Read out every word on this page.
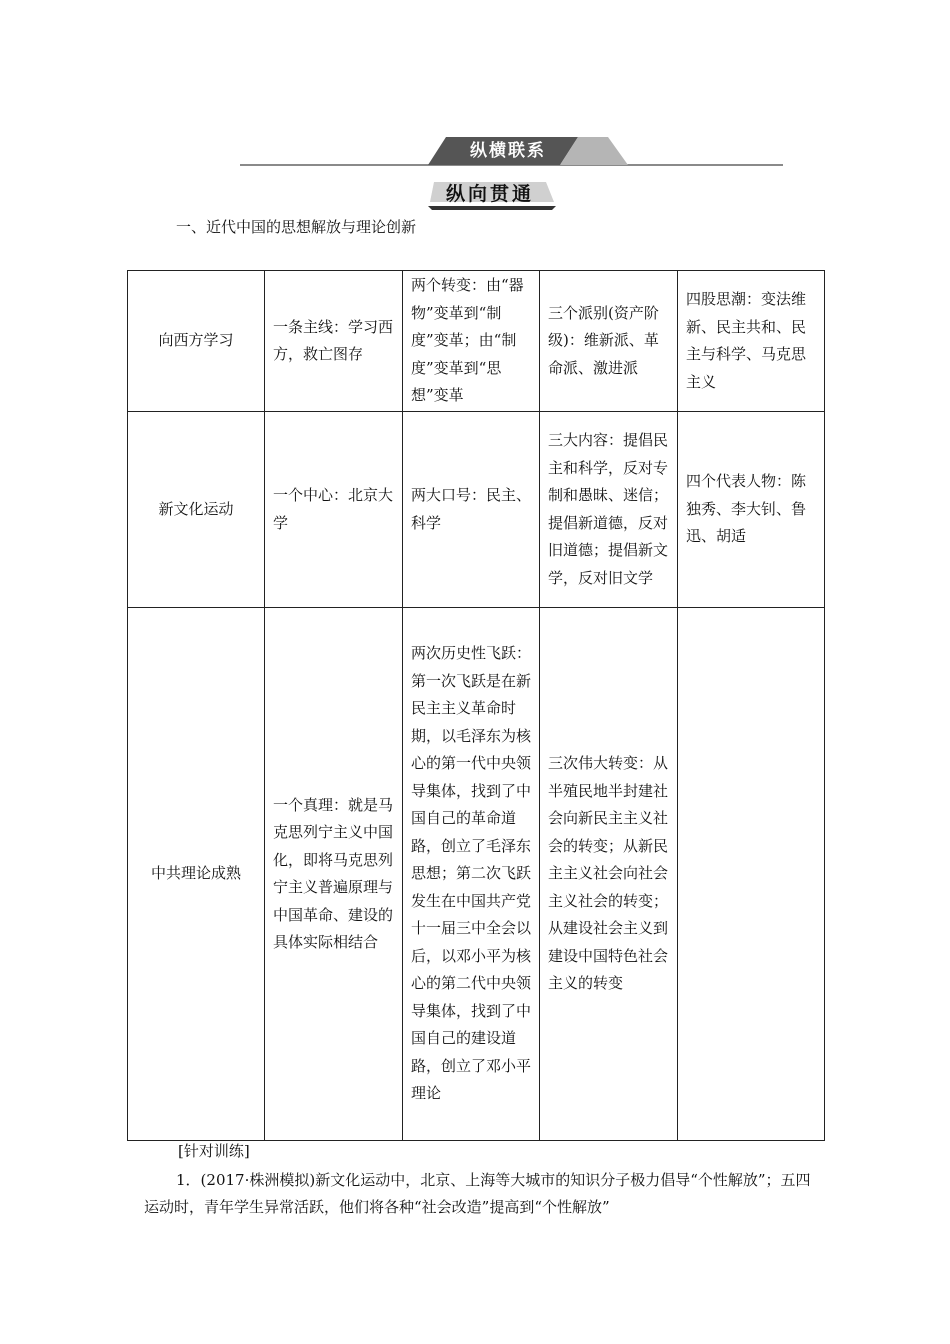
纵横联系
纵向贯通
一、近代中国的思想解放与理论创新
向西方学习	一条主线：学习西方，救亡图存	两个转变：由“器物”变革到“制度”变革；由“制度”变革到“思想”变革	三个派别(资产阶级)：维新派、革命派、激进派	四股思潮：变法维新、民主共和、民主与科学、马克思主义
新文化运动	一个中心：北京大学	两大口号：民主、科学	三大内容：提倡民主和科学，反对专制和愚昧、迷信；提倡新道德，反对旧道德；提倡新文学，反对旧文学	四个代表人物：陈独秀、李大钊、鲁迅、胡适
中共理论成熟	一个真理：就是马克思列宁主义中国化，即将马克思列宁主义普遍原理与中国革命、建设的具体实际相结合	两次历史性飞跃：第一次飞跃是在新民主主义革命时期，以毛泽东为核心的第一代中央领导集体，找到了中国自己的革命道路，创立了毛泽东思想；第二次飞跃发生在中国共产党十一届三中全会以后，以邓小平为核心的第二代中央领导集体，找到了中国自己的建设道路，创立了邓小平理论	三次伟大转变：从半殖民地半封建社会向新民主主义社会的转变；从新民主主义社会向社会主义社会的转变；从建设社会主义到建设中国特色社会主义的转变	
[针对训练]
1．(2017·株洲模拟)新文化运动中，北京、上海等大城市的知识分子极力倡导“个性解放”；五四运动时，青年学生异常活跃，他们将各种“社会改造”提高到“个性解放”
